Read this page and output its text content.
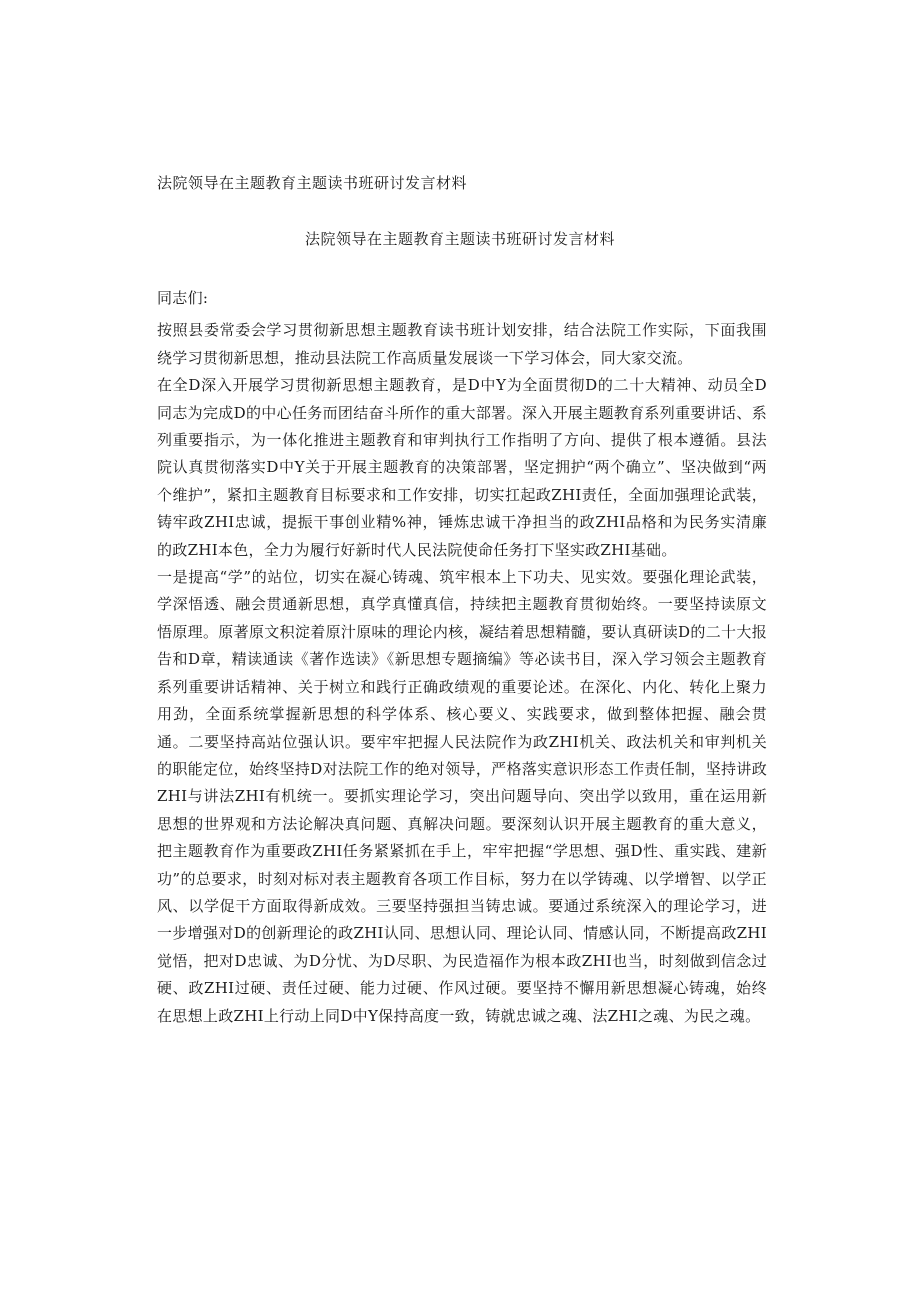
法院领导在主题教育主题读书班研讨发言材料
法院领导在主题教育主题读书班研讨发言材料

同志们:

按照县委常委会学习贯彻新思想主题教育读书班计划安排，结合法院工作实际，下面我围绕学习贯彻新思想，推动县法院工作高质量发展谈一下学习体会，同大家交流。

在全D深入开展学习贯彻新思想主题教育，是D中Y为全面贯彻D的二十大精神、动员全D同志为完成D的中心任务而团结奋斗所作的重大部署。深入开展主题教育系列重要讲话、系列重要指示，为一体化推进主题教育和审判执行工作指明了方向、提供了根本遵循。县法院认真贯彻落实D中Y关于开展主题教育的决策部署，坚定拥护“两个确立”、坚决做到“两个维护”，紧扣主题教育目标要求和工作安排，切实扛起政ZHI责任，全面加强理论武装，铸牢政ZHI忠诚，提振干事创业精%神，锤炼忠诚干净担当的政ZHI品格和为民务实清廉的政ZHI本色，全力为履行好新时代人民法院使命任务打下坚实政ZHI基础。

一是提高“学”的站位，切实在凝心铸魂、筑牢根本上下功夫、见实效。要强化理论武装，学深悟透、融会贯通新思想，真学真懂真信，持续把主题教育贯彻始终。一要坚持读原文悟原理。原著原文积淀着原汁原味的理论内核，凝结着思想精髓，要认真研读D的二十大报告和D章，精读通读《著作选读》《新思想专题摘编》等必读书目，深入学习领会主题教育系列重要讲话精神、关于树立和践行正确政绩观的重要论述。在深化、内化、转化上聚力用劲，全面系统掌握新思想的科学体系、核心要义、实践要求，做到整体把握、融会贯通。二要坚持高站位强认识。要牢牢把握人民法院作为政ZHI机关、政法机关和审判机关的职能定位，始终坚持D对法院工作的绝对领导，严格落实意识形态工作责任制，坚持讲政ZHI与讲法ZHI有机统一。要抓实理论学习，突出问题导向、突出学以致用，重在运用新思想的世界观和方法论解决真问题、真解决问题。要深刻认识开展主题教育的重大意义，把主题教育作为重要政ZHI任务紧紧抓在手上，牢牢把握“学思想、强D性、重实践、建新功”的总要求，时刻对标对表主题教育各项工作目标，努力在以学铸魂、以学增智、以学正风、以学促干方面取得新成效。三要坚持强担当铸忠诚。要通过系统深入的理论学习，进一步增强对D的创新理论的政ZHI认同、思想认同、理论认同、情感认同，不断提高政ZHI觉悟，把对D忠诚、为D分忧、为D尽职、为民造福作为根本政ZHI也当，时刻做到信念过硬、政ZHI过硬、责任过硬、能力过硬、作风过硬。要坚持不懈用新思想凝心铸魂，始终在思想上政ZHI上行动上同D中Y保持高度一致，铸就忠诚之魂、法ZHI之魂、为民之魂。
